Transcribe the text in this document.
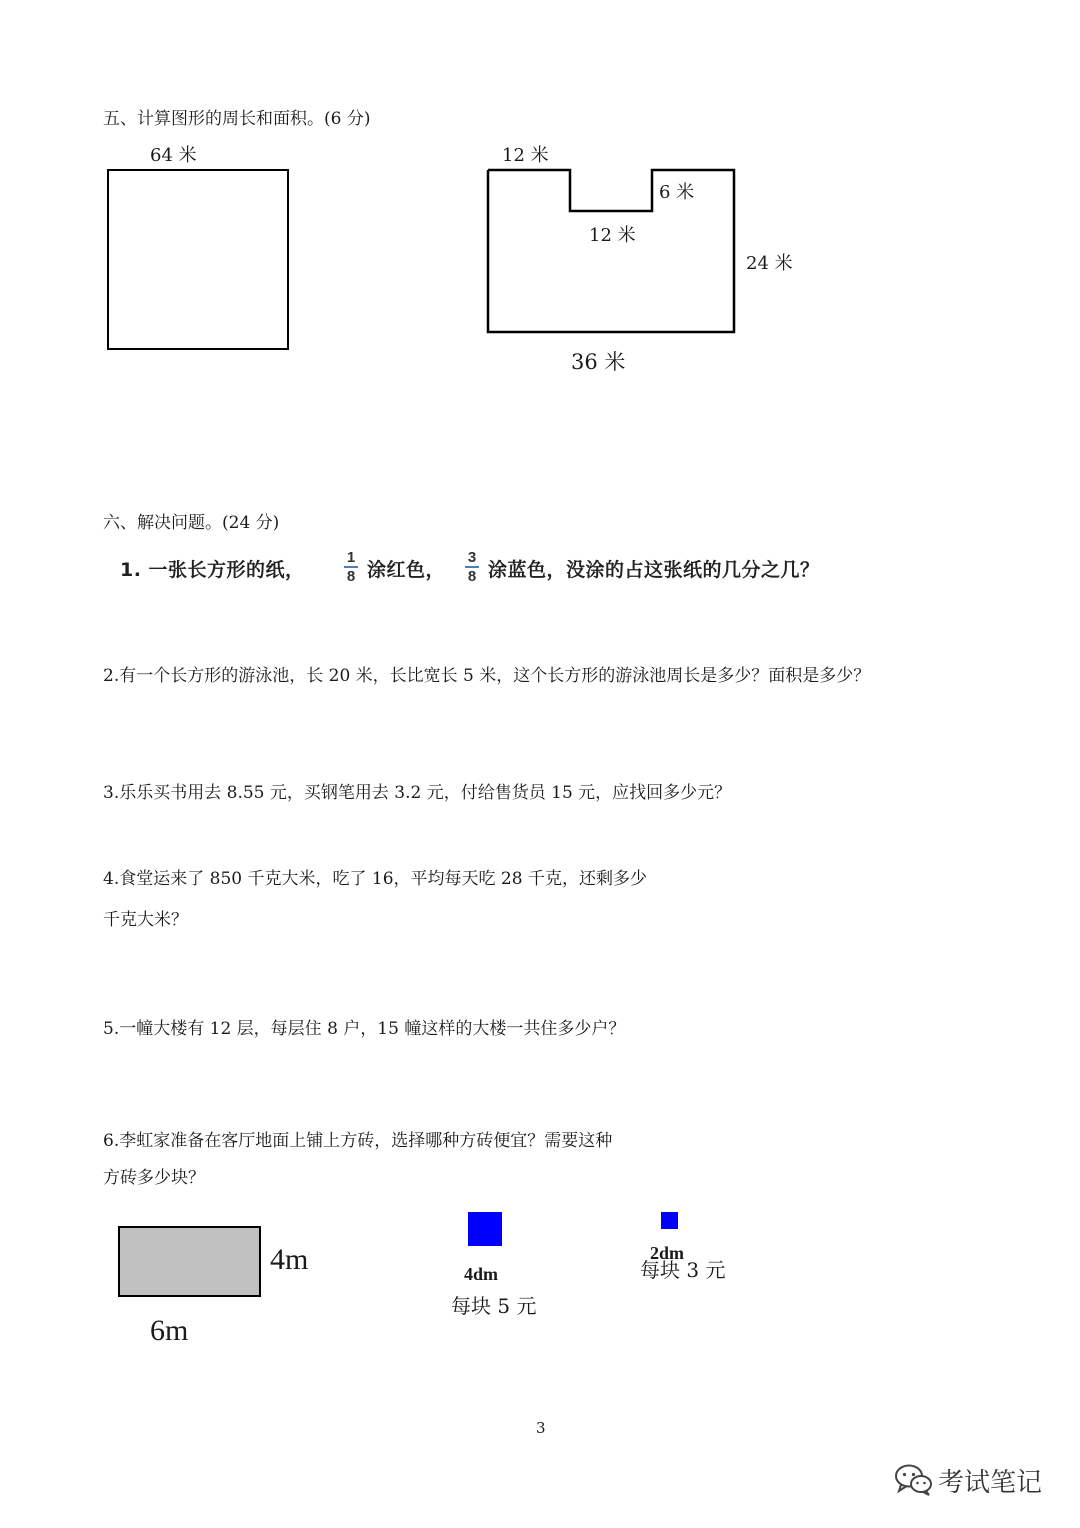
五、计算图形的周长和面积。(6 分)
64 米	12 米
6 米
12 米
24 米
36 米
六、解决问题。(24 分)
1. 一张长方形的纸，
1
8 涂红色，
3
8 涂蓝色，没涂的占这张纸的几分之几？
2.有一个长方形的游泳池，长 20 米，长比宽长 5 米，这个长方形的游泳池周长是多少？面积是多少？
3.乐乐买书用去 8.55 元，买钢笔用去 3.2 元，付给售货员 15 元，应找回多少元？
4.食堂运来了 850 千克大米，吃了 16，平均每天吃 28 千克，还剩多少
千克大米？
5.一幢大楼有 12 层，每层住 8 户，15 幢这样的大楼一共住多少户？
6.李虹家准备在客厅地面上铺上方砖，选择哪种方砖便宜？需要这种
方砖多少块？
4m
6m
4dm
每块 5 元
每块 3 元
2dm
3
考试笔记
